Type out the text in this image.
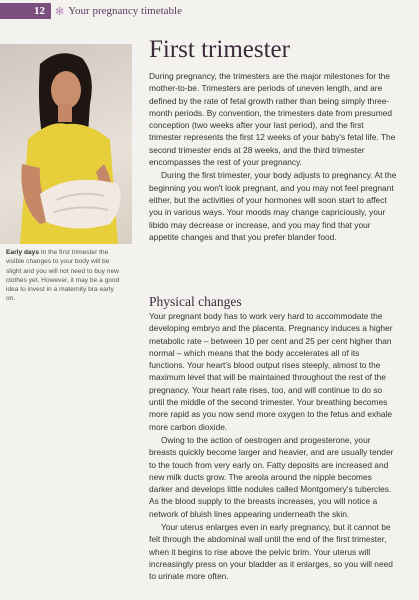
12 ✻ Your pregnancy timetable
Early days In the first trimester the visible changes to your body will be slight and you will not need to buy new clothes yet. However, it may be a good idea to invest in a maternity bra early on.
First trimester

During pregnancy, the trimesters are the major milestones for the mother-to-be. Trimesters are periods of uneven length, and are defined by the rate of fetal growth rather than being simply three-month periods. By convention, the trimesters date from presumed conception (two weeks after your last period), and the first trimester represents the first 12 weeks of your baby's fetal life. The second trimester ends at 28 weeks, and the third trimester encompasses the rest of your pregnancy.

During the first trimester, your body adjusts to pregnancy. At the beginning you won't look pregnant, and you may not feel pregnant either, but the activities of your hormones will soon start to affect you in various ways. Your moods may change capriciously, your libido may decrease or increase, and you may find that your appetite changes and that you prefer blander food.

Physical changes

Your pregnant body has to work very hard to accommodate the developing embryo and the placenta. Pregnancy induces a higher metabolic rate – between 10 per cent and 25 per cent higher than normal – which means that the body accelerates all of its functions. Your heart's blood output rises steeply, almost to the maximum level that will be maintained throughout the rest of the pregnancy. Your heart rate rises, too, and will continue to do so until the middle of the second trimester. Your breathing becomes more rapid as you now send more oxygen to the fetus and exhale more carbon dioxide.

Owing to the action of oestrogen and progesterone, your breasts quickly become larger and heavier, and are usually tender to the touch from very early on. Fatty deposits are increased and new milk ducts grow. The areola around the nipple becomes darker and develops little nodules called Montgomery's tubercles. As the blood supply to the breasts increases, you will notice a network of bluish lines appearing underneath the skin.

Your uterus enlarges even in early pregnancy, but it cannot be felt through the abdominal wall until the end of the first trimester, when it begins to rise above the pelvic brim. Your uterus will increasingly press on your bladder as it enlarges, so you will need to urinate more often.
